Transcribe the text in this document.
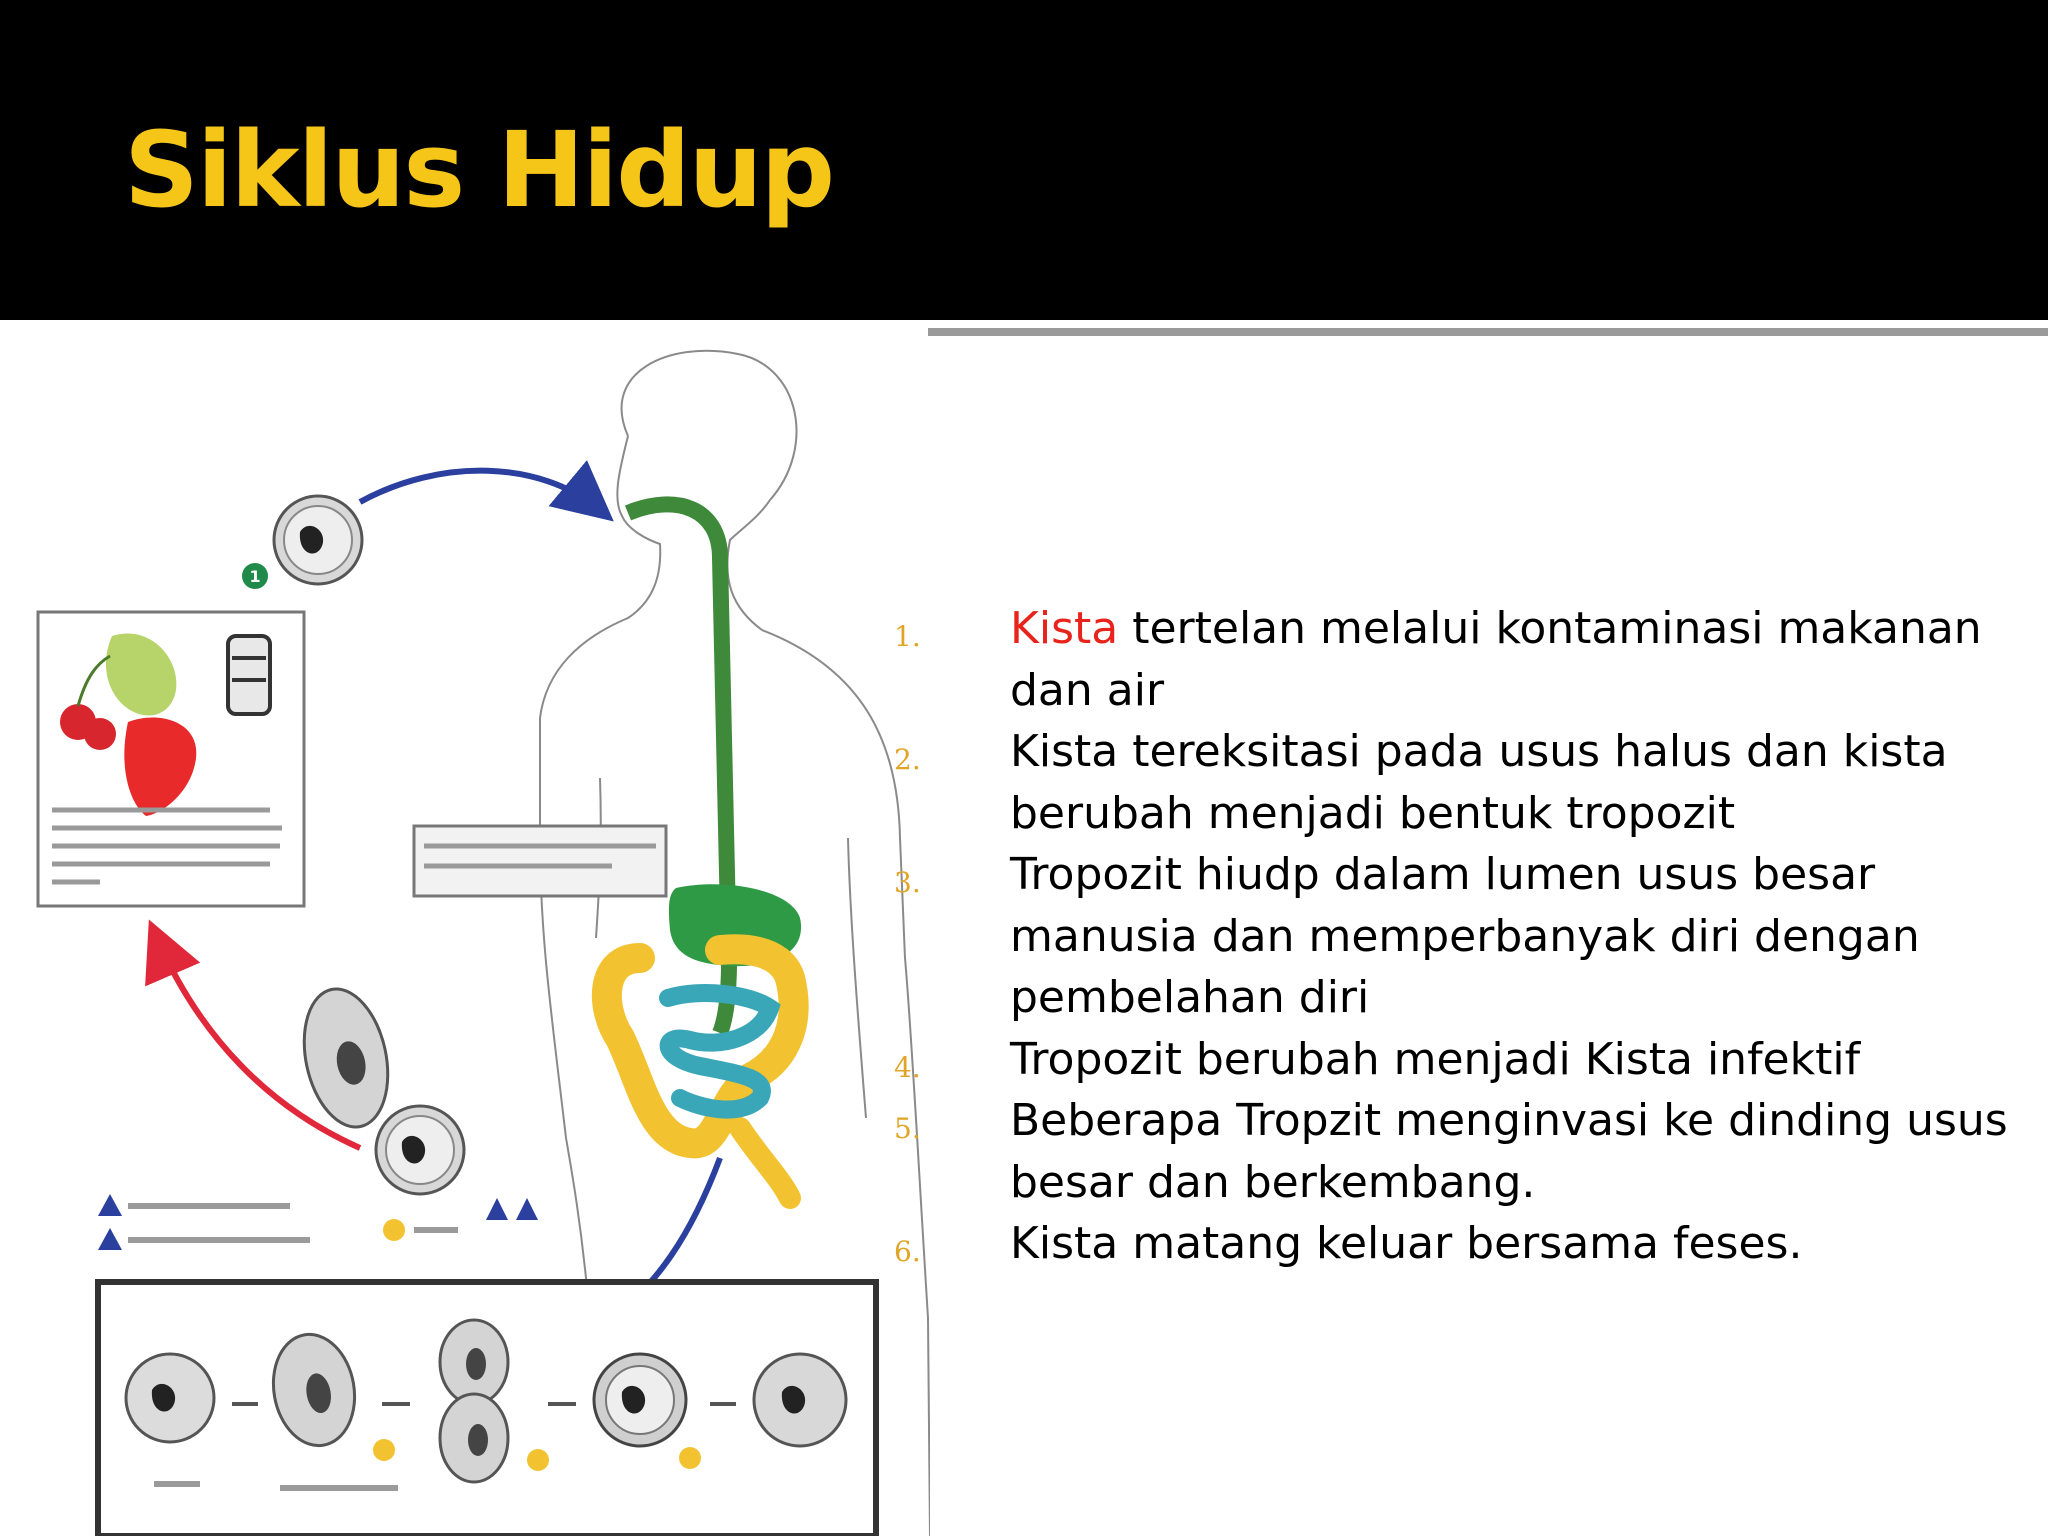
Siklus Hidup
1
1. Kista tertelan melalui kontaminasi makanan dan air
2. Kista tereksitasi pada usus halus dan kista berubah menjadi bentuk tropozit
3. Tropozit hiudp dalam lumen usus besar manusia dan memperbanyak diri dengan pembelahan diri
4. Tropozit berubah menjadi Kista infektif
5. Beberapa Tropzit menginvasi ke dinding usus besar dan berkembang.
6. Kista matang keluar bersama feses.
